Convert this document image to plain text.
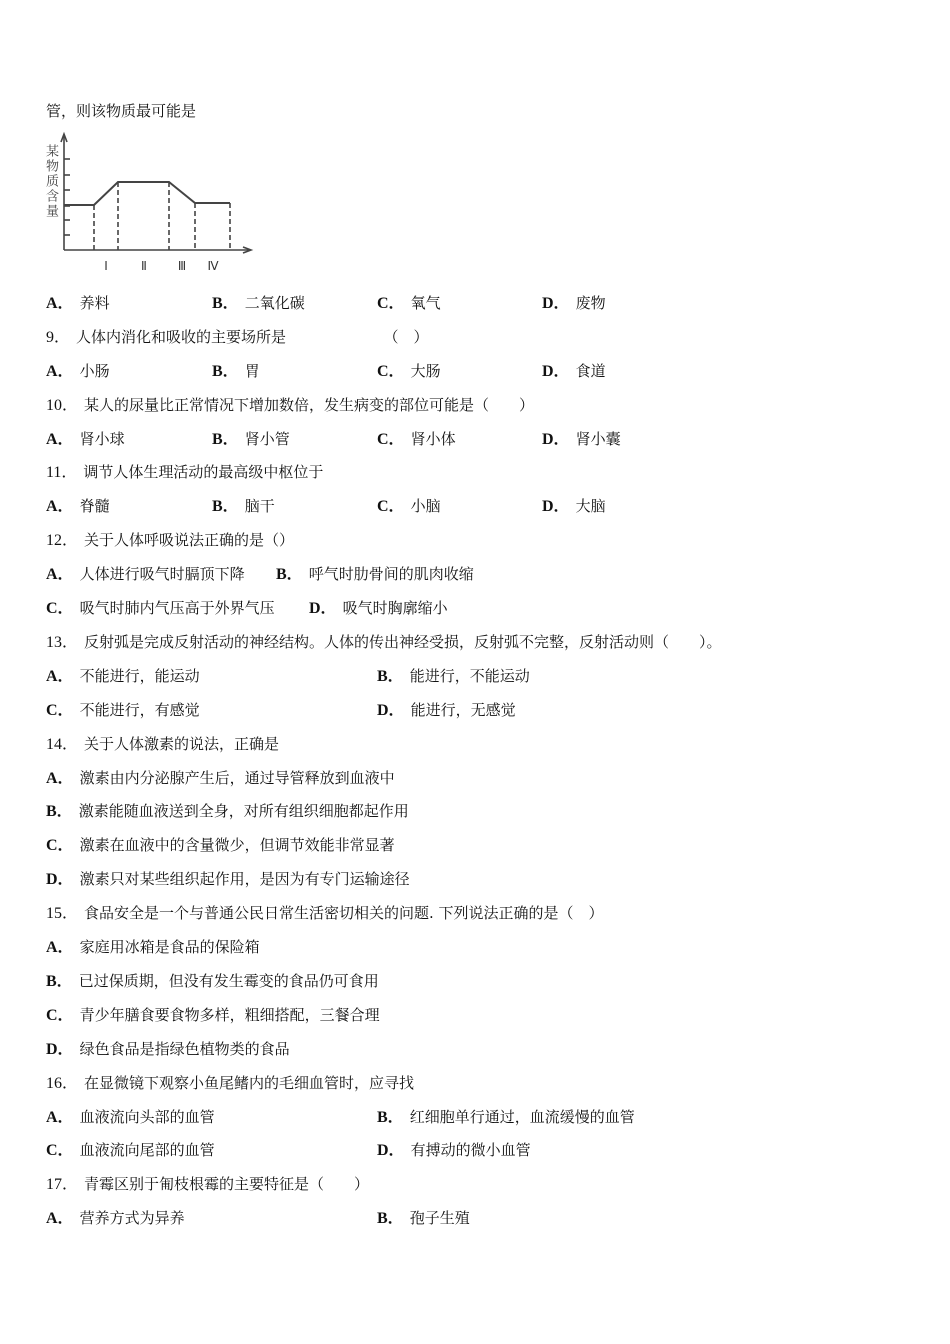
管，则该物质最可能是
Ⅰ	Ⅱ	Ⅲ Ⅳ
某物质含量
A． 养料	B． 二氧化碳	C． 氧气	D． 废物
9． 人体内消化和吸收的主要场所是　　　　　　　（　）
A． 小肠	B． 胃	C． 大肠	D． 食道
10． 某人的尿量比正常情况下增加数倍，发生病变的部位可能是（　　）
A． 肾小球	B． 肾小管	C． 肾小体	D． 肾小囊
11． 调节人体生理活动的最高级中枢位于
A． 脊髓	B． 脑干	C． 小脑	D． 大脑
12． 关于人体呼吸说法正确的是（）
A． 人体进行吸气时膈顶下降 B． 呼气时肋骨间的肌肉收缩
C． 吸气时肺内气压高于外界气压 D． 吸气时胸廓缩小
13． 反射弧是完成反射活动的神经结构。人体的传出神经受损，反射弧不完整，反射活动则（　　）。
A． 不能进行，能运动	B． 能进行，不能运动
C． 不能进行，有感觉	D． 能进行，无感觉
14． 关于人体激素的说法，正确是
A． 激素由内分泌腺产生后，通过导管释放到血液中
B． 激素能随血液送到全身，对所有组织细胞都起作用
C． 激素在血液中的含量微少，但调节效能非常显著
D． 激素只对某些组织起作用，是因为有专门运输途径
15． 食品安全是一个与普通公民日常生活密切相关的问题. 下列说法正确的是（　）
A． 家庭用冰箱是食品的保险箱
B． 已过保质期，但没有发生霉变的食品仍可食用
C． 青少年膳食要食物多样，粗细搭配，三餐合理
D． 绿色食品是指绿色植物类的食品
16． 在显微镜下观察小鱼尾鳍内的毛细血管时，应寻找
A． 血液流向头部的血管	B． 红细胞单行通过，血流缓慢的血管
C． 血液流向尾部的血管	D． 有搏动的微小血管
17． 青霉区别于匍枝根霉的主要特征是（　　）
A． 营养方式为异养	B． 孢子生殖
